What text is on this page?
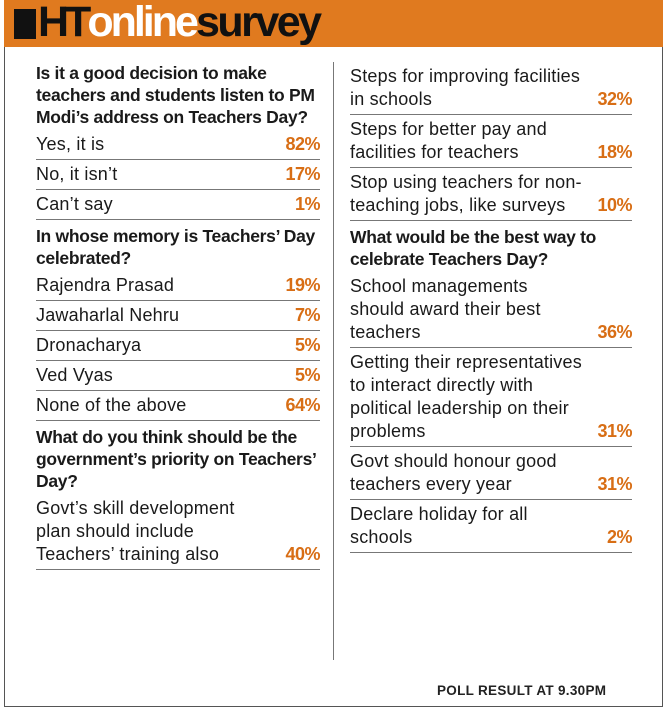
HTonlinesurvey
Is it a good decision to make teachers and students listen to PM Modi’s address on Teachers Day?
Yes, it is	82%
No, it isn’t	17%
Can’t say	1%
In whose memory is Teachers’ Day celebrated?
Rajendra Prasad	19%
Jawaharlal Nehru	7%
Dronacharya	5%
Ved Vyas	5%
None of the above	64%
What do you think should be the government’s priority on Teachers’ Day?
Govt’s skill development plan should include Teachers’ training also	40%
Steps for improving facilities in schools	32%
Steps for better pay and facilities for teachers	18%
Stop using teachers for non-teaching jobs, like surveys 10%
What would be the best way to celebrate Teachers Day?
School managements should award their best teachers	36%
Getting their representatives to interact directly with political leadership on their problems	31%
Govt should honour good teachers every year	31%
Declare holiday for all schools	2%
POLL RESULT AT 9.30PM
